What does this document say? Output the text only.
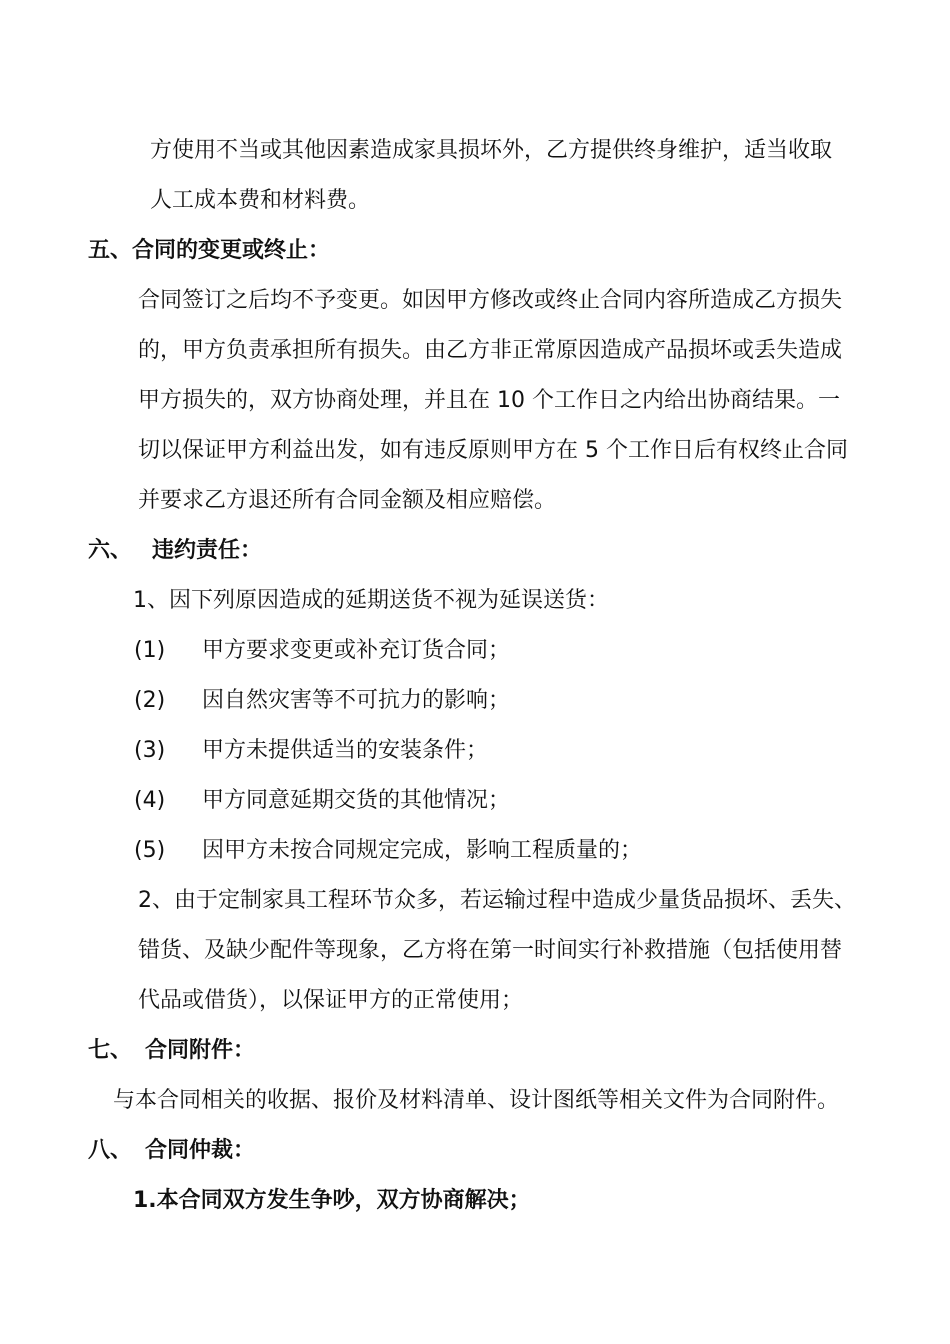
方使用不当或其他因素造成家具损坏外，乙方提供终身维护，适当收取
人工成本费和材料费。
五、合同的变更或终止：
合同签订之后均不予变更。如因甲方修改或终止合同内容所造成乙方损失
的，甲方负责承担所有损失。由乙方非正常原因造成产品损坏或丢失造成
甲方损失的，双方协商处理，并且在 10 个工作日之内给出协商结果。一
切以保证甲方利益出发，如有违反原则甲方在 5 个工作日后有权终止合同
并要求乙方退还所有合同金额及相应赔偿。
六、 违约责任：
1、因下列原因造成的延期送货不视为延误送货：
(1) 甲方要求变更或补充订货合同；
(2) 因自然灾害等不可抗力的影响；
(3) 甲方未提供适当的安装条件；
(4) 甲方同意延期交货的其他情况；
(5) 因甲方未按合同规定完成，影响工程质量的；
2、由于定制家具工程环节众多，若运输过程中造成少量货品损坏、丢失、
错货、及缺少配件等现象，乙方将在第一时间实行补救措施（包括使用替
代品或借货），以保证甲方的正常使用；
七、 合同附件：
与本合同相关的收据、报价及材料清单、设计图纸等相关文件为合同附件。
八、 合同仲裁：
1.本合同双方发生争吵，双方协商解决；
